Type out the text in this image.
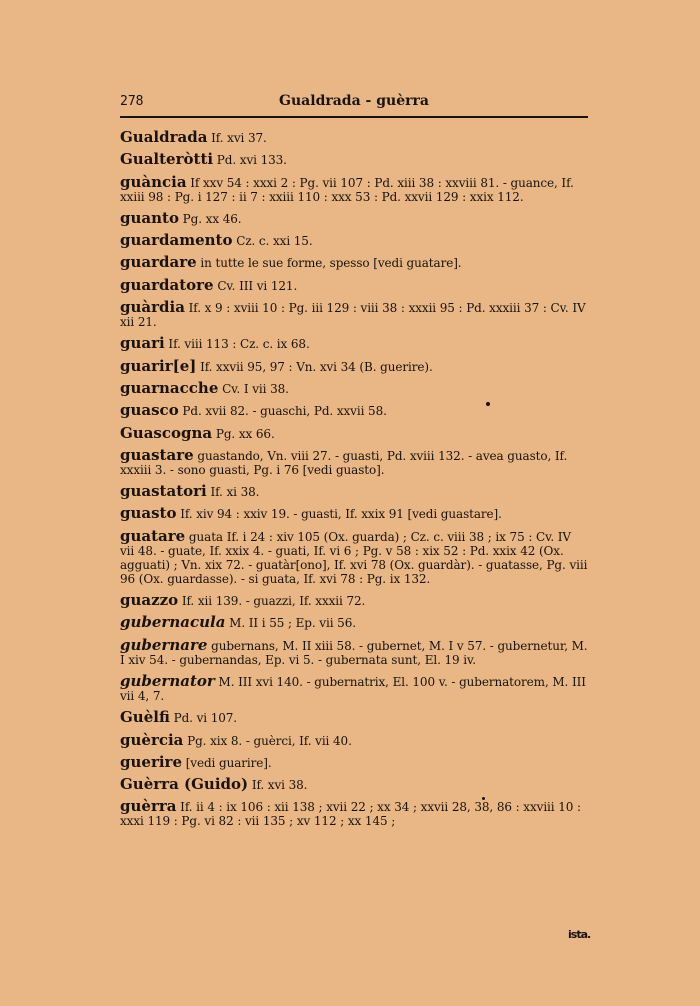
278	Gualdrada - guèrra
Gualdrada If. xvi 37.
Gualteròtti Pd. xvi 133.
guància If xxv 54 : xxxi 2 : Pg. vii 107 : Pd. xiii 38 : xxviii 81. - guance, If. xxiii 98 : Pg. i 127 : ii 7 : xxiii 110 : xxx 53 : Pd. xxvii 129 : xxix 112.
guanto Pg. xx 46.
guardamento Cz. c. xxi 15.
guardare in tutte le sue forme, spesso [vedi guatare].
guardatore Cv. III vi 121.
guàrdia If. x 9 : xviii 10 : Pg. iii 129 : viii 38 : xxxii 95 : Pd. xxxiii 37 : Cv. IV xii 21.
guari If. viii 113 : Cz. c. ix 68.
guarir[e] If. xxvii 95, 97 : Vn. xvi 34 (B. guerire).
guarnacche Cv. I vii 38.
guasco Pd. xvii 82. - guaschi, Pd. xxvii 58.
Guascogna Pg. xx 66.
guastare guastando, Vn. viii 27. - guasti, Pd. xviii 132. - avea guasto, If. xxxiii 3. - sono guasti, Pg. i 76 [vedi guasto].
guastatori If. xi 38.
guasto If. xiv 94 : xxiv 19. - guasti, If. xxix 91 [vedi guastare].
guatare guata If. i 24 : xiv 105 (Ox. guarda) ; Cz. c. viii 38 ; ix 75 : Cv. IV vii 48. - guate, If. xxix 4. - guati, If. vi 6 ; Pg. v 58 : xix 52 : Pd. xxix 42 (Ox. agguati) ; Vn. xix 72. - guatàr[ono], If. xvi 78 (Ox. guardàr). - guatasse, Pg. viii 96 (Ox. guardasse). - si guata, If. xvi 78 : Pg. ix 132.
guazzo If. xii 139. - guazzi, If. xxxii 72.
gubernacula M. II i 55 ; Ep. vii 56.
gubernare gubernans, M. II xiii 58. - gubernet, M. I v 57. - gubernetur, M. I xiv 54. - gubernandas, Ep. vi 5. - gubernata sunt, El. 19 iv.
gubernator M. III xvi 140. - gubernatrix, El. 100 v. - gubernatorem, M. III vii 4, 7.
Guèlfi Pd. vi 107.
guèrcia Pg. xix 8. - guèrci, If. vii 40.
guerire [vedi guarire].
Guèrra (Guido) If. xvi 38.
guèrra If. ii 4 : ix 106 : xii 138 ; xvii 22 ; xx 34 ; xxvii 28, 38, 86 : xxviii 10 : xxxi 119 : Pg. vi 82 : vii 135 ; xv 112 ; xx 145 ;
ista.
